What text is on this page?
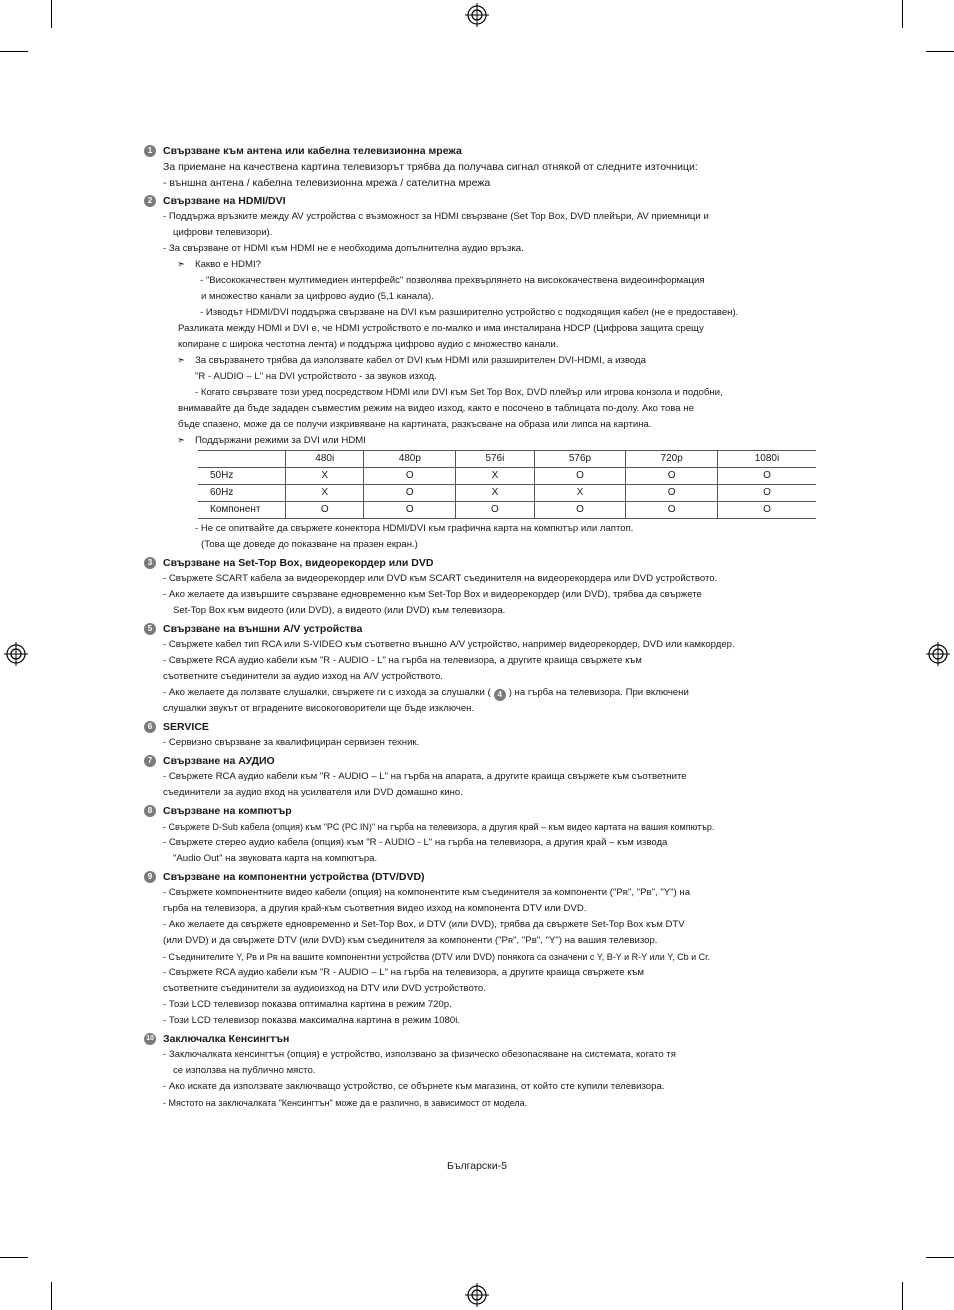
1	Свързване към антена или кабелна телевизионна мрежа
За приемане на качествена картина телевизорът трябва да получава сигнал отнякой от следните източници:
- външна антена / кабелна телевизионна мрежа / сателитна мрежа
2	Свързване на HDMI/DVI
- Поддържа връзките между AV устройства с възможност за HDMI свързване (Set Top Box, DVD плейъри, AV приемници и
цифрови телевизори).
- За свързване от HDMI към HDMI не е необходима допълнителна аудио връзка.
➣ Какво е HDMI?
- "Висококачествен мултимедиен интерфейс" позволява прехвърлянето на висококачествена видеоинформация
и множество канали за цифрово аудио (5,1 канала).
- Изводът HDMI/DVI поддържа свързване на DVI към разширително устройство с подходящия кабел (не е предоставен).
Разликата между HDMI и DVI е, че HDMI устройството е по-малко и има инсталирана HDCP (Цифрова защита срещу
копиране с широка честотна лента) и поддържа цифрово аудио с множество канали.
➣ За свързването трябва да използвате кабел от DVI към HDMI или разширителен DVI-HDMI, а извода
"R - AUDIO – L" на DVI устройството - за звуков изход.
- Когато свързвате този уред посредством HDMI или DVI към Set Top Box, DVD плейър или игрова конзола и подобни,
внимавайте да бъде зададен съвместим режим на видео изход, както е посочено в таблицата по-долу. Ако това не
бъде спазено, може да се получи изкривяване на картината, разкъсване на образа или липса на картина.
➣ Поддържани режими за DVI или HDMI
	480i	480p	576i	576p	720p	1080i
50Hz	X	O	X	O	O	O
60Hz	X	O	X	X	O	O
Компонент	O	O	O	O	O	O
- Не се опитвайте да свържете конектора HDMI/DVI към графична карта на компютър или лаптоп.
(Това ще доведе до показване на празен екран.)
3	Свързване на Set-Top Box, видеорекордер или DVD
- Свържете SCART кабела за видеорекордер или DVD към SCART съединителя на видеорекордера или DVD устройството.
- Ако желаете да извършите свързване едновременно към Set-Top Box и видеорекордер (или DVD), трябва да свържете
Set-Top Box към видеото (или DVD), а видеото (или DVD) към телевизора.
5	Свързване на външни A/V устройства
- Свържете кабел тип RCA или S-VIDEO към съответно външно A/V устройство, например видеорекордер, DVD или камкордер.
- Свържете RCA аудио кабели към "R - AUDIO - L" на гърба на телевизора, а другите краища свържете към
съответните съединители за аудио изход на A/V устройството.
- Ако желаете да ползвате слушалки, свържете ги с изхода за слушалки ( 4 ) на гърба на телевизора. При включени
слушалки звукът от вградените високоговорители ще бъде изключен.
6	SERVICE
- Сервизно свързване за квалифициран сервизен техник.
7	Свързване на АУДИО
- Свържете RCA аудио кабели към "R - AUDIO – L" на гърба на апарата, а другите краища свържете към съответните
съединители за аудио вход на усилвателя или DVD домашно кино.
8	Свързване на компютър
- Свържете D-Sub кабела (опция) към "PC (PC IN)" на гърба на телевизора, а другия край – към видео картата на вашия компютър.
- Свържете стерео аудио кабела (опция) към "R - AUDIO - L" на гърба на телевизора, а другия край – към извода
"Audio Out" на звуковата карта на компютъра.
9	Свързване на компонентни устройства (DTV/DVD)
- Свържете компонентните видео кабели (опция) на компонентите към съединителя за компоненти ("Pʀ", "Pʙ", "Y") на
гърба на телевизора, а другия край-към съответния видео изход на компонента DTV или DVD.
- Ако желаете да свържете едновременно и Set-Top Box, и DTV (или DVD), трябва да свържете Set-Top Box към DTV
(или DVD) и да свържете DTV (или DVD) към съединителя за компоненти ("Pʀ", "Pʙ", "Y") на вашия телевизор.
- Съединителите Y, Pʙ и Pʀ на вашите компонентни устройства (DTV или DVD) понякога са означени с Y, B-Y и R-Y или Y, Cb и Cr.
- Свържете RCA аудио кабели към "R - AUDIO – L" на гърба на телевизора, а другите краища свържете към
съответните съединители за аудиоизход на DTV или DVD устройството.
- Този LCD телевизор показва оптимална картина в режим 720p.
- Този LCD телевизор показва максимална картина в режим 1080i.
10 Заключалка Кенсингтън
- Заключалката кенсингтън (опция) е устройство, използвано за физическо обезопасяване на системата, когато тя
се използва на публично място.
- Ако искате да използвате заключващо устройство, се обърнете към магазина, от който сте купили телевизора.
- Мястото на заключалката "Кенсингтън" може да е различно, в зависимост от модела.
Български-5
